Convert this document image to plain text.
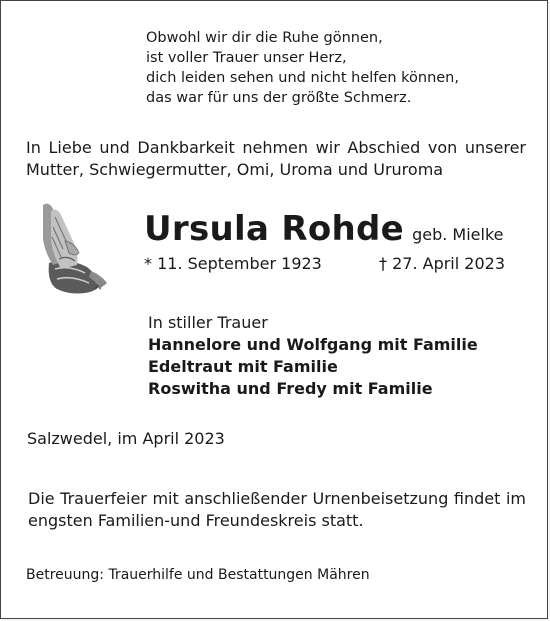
Obwohl wir dir die Ruhe gönnen,
ist voller Trauer unser Herz,
dich leiden sehen und nicht helfen können,
das war für uns der größte Schmerz.
In Liebe und Dankbarkeit nehmen wir Abschied von unserer Mutter, Schwiegermutter, Omi, Uroma und Ururoma
Ursula Rohde geb. Mielke
* 11. September 1923	† 27. April 2023
In stiller Trauer
Hannelore und Wolfgang mit Familie
Edeltraut mit Familie
Roswitha und Fredy mit Familie
Salzwedel, im April 2023
Die Trauerfeier mit anschließender Urnenbeisetzung findet im engsten Familien-und Freundeskreis statt.
Betreuung: Trauerhilfe und Bestattungen Mähren
